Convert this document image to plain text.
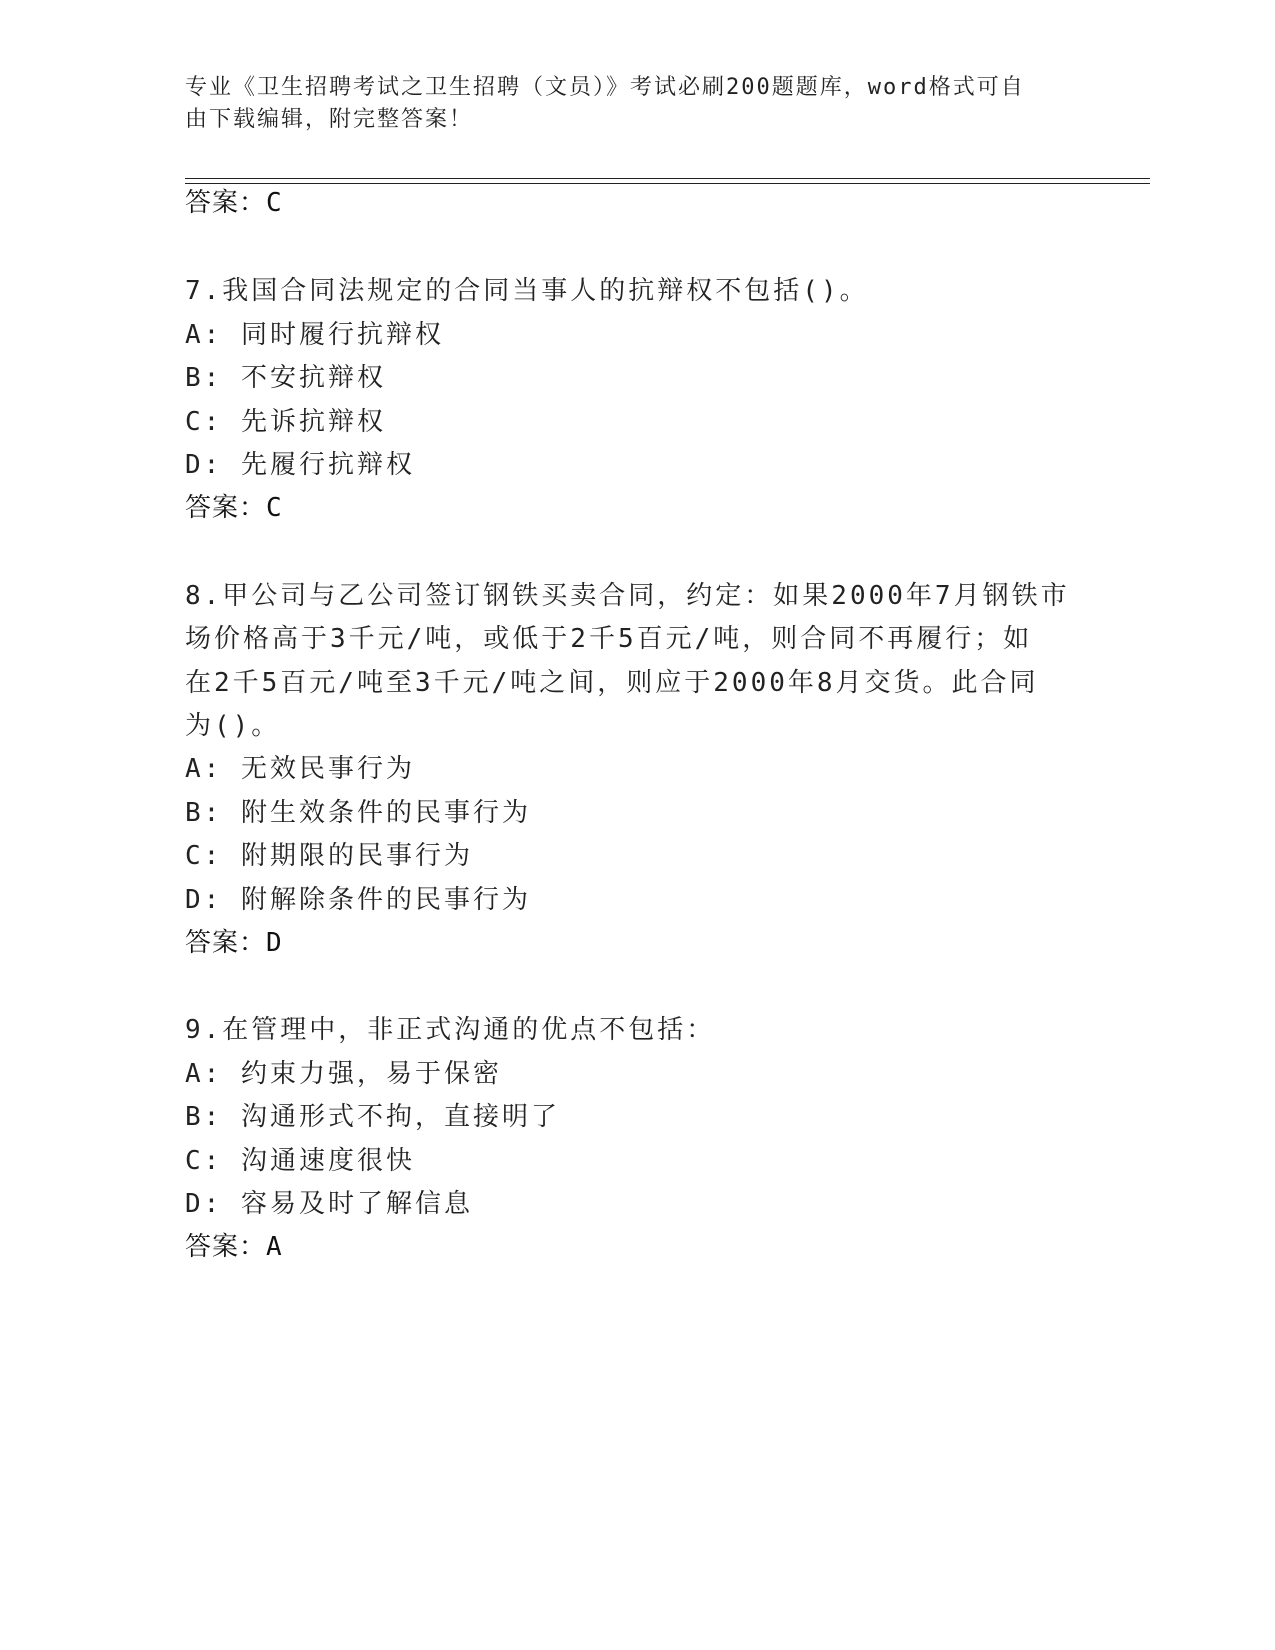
专业《卫生招聘考试之卫生招聘（文员）》考试必刷200题题库，word格式可自
由下载编辑，附完整答案！
答案：C
7.我国合同法规定的合同当事人的抗辩权不包括()。
A: 同时履行抗辩权
B: 不安抗辩权
C: 先诉抗辩权
D: 先履行抗辩权
答案：C
8.甲公司与乙公司签订钢铁买卖合同，约定：如果2000年7月钢铁市
场价格高于3千元/吨，或低于2千5百元/吨，则合同不再履行；如
在2千5百元/吨至3千元/吨之间，则应于2000年8月交货。此合同
为()。
A: 无效民事行为
B: 附生效条件的民事行为
C: 附期限的民事行为
D: 附解除条件的民事行为
答案：D
9.在管理中，非正式沟通的优点不包括：
A: 约束力强，易于保密
B: 沟通形式不拘，直接明了
C: 沟通速度很快
D: 容易及时了解信息
答案：A
